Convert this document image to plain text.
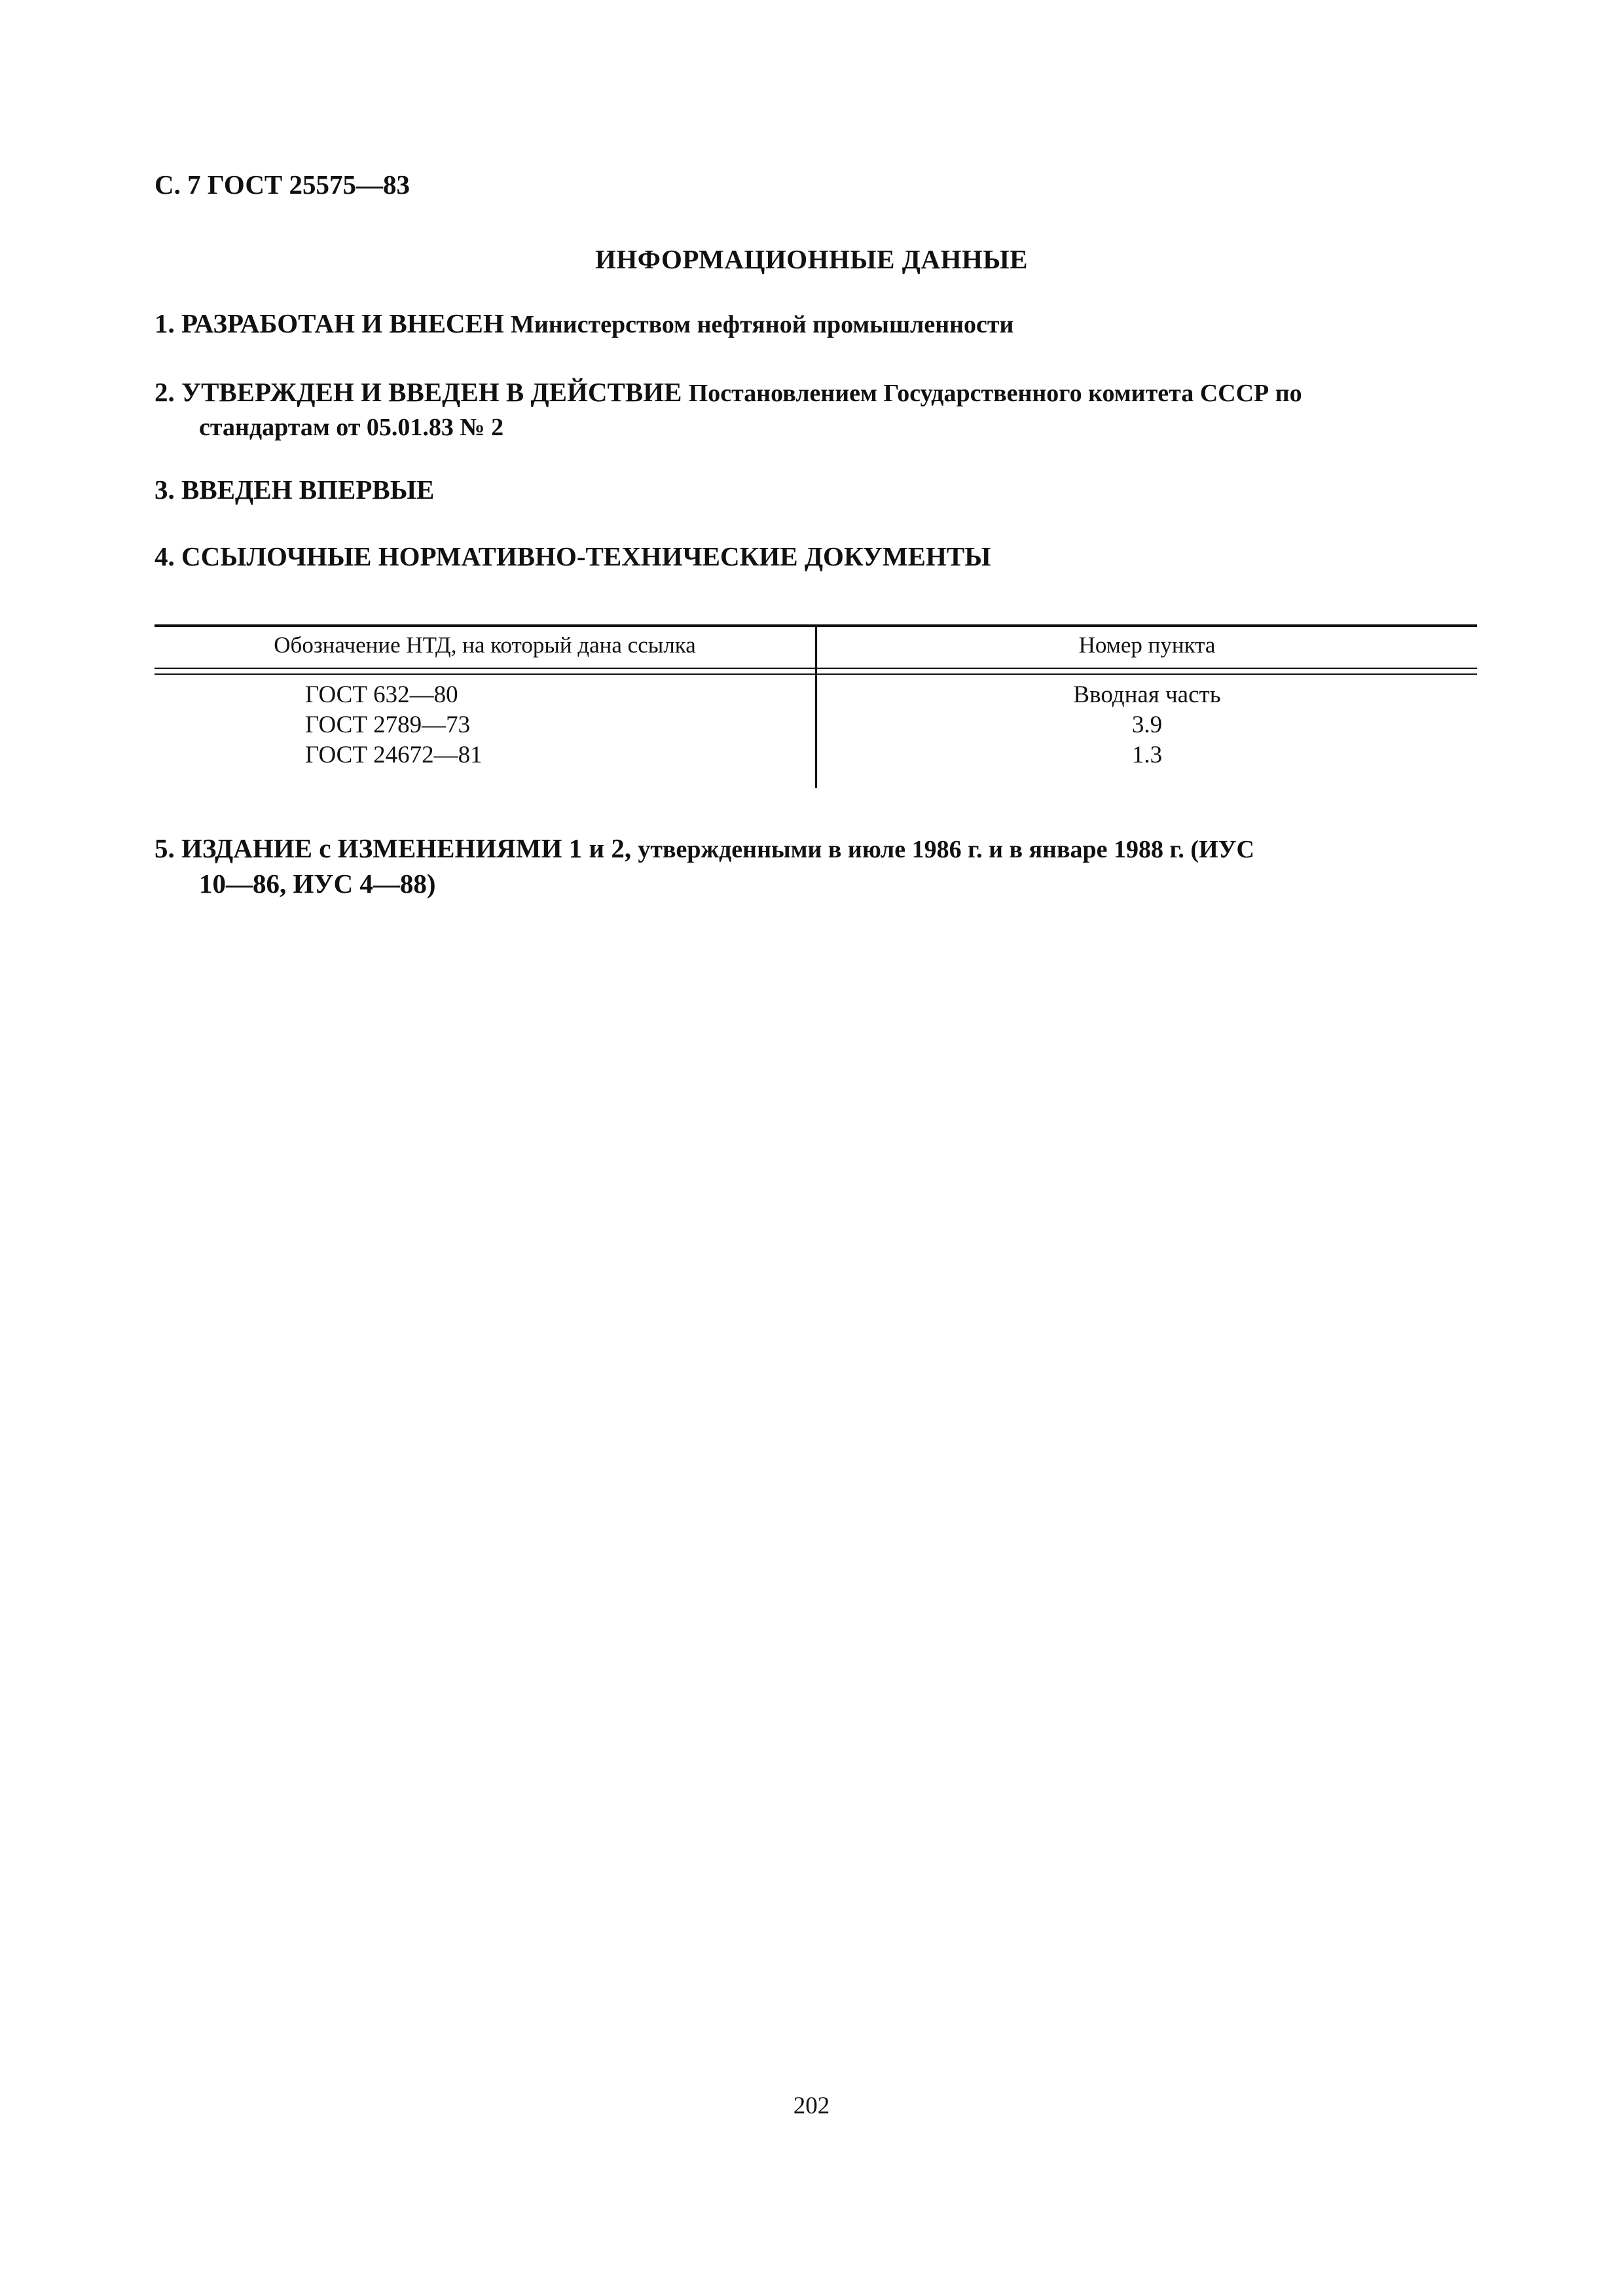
С. 7 ГОСТ 25575—83
ИНФОРМАЦИОННЫЕ ДАННЫЕ
1. РАЗРАБОТАН И ВНЕСЕН Министерством нефтяной промышленности
2. УТВЕРЖДЕН И ВВЕДЕН В ДЕЙСТВИЕ Постановлением Государственного комитета СССР по
стандартам от 05.01.83 № 2
3. ВВЕДЕН ВПЕРВЫЕ
4. ССЫЛОЧНЫЕ НОРМАТИВНО-ТЕХНИЧЕСКИЕ ДОКУМЕНТЫ
Обозначение НТД, на который дана ссылка	Номер пункта
ГОСТ 632—80	Вводная часть
ГОСТ 2789—73	3.9
ГОСТ 24672—81	1.3
5. ИЗДАНИЕ с ИЗМЕНЕНИЯМИ 1 и 2, утвержденными в июле 1986 г. и в январе 1988 г. (ИУС
10—86, ИУС 4—88)
202
